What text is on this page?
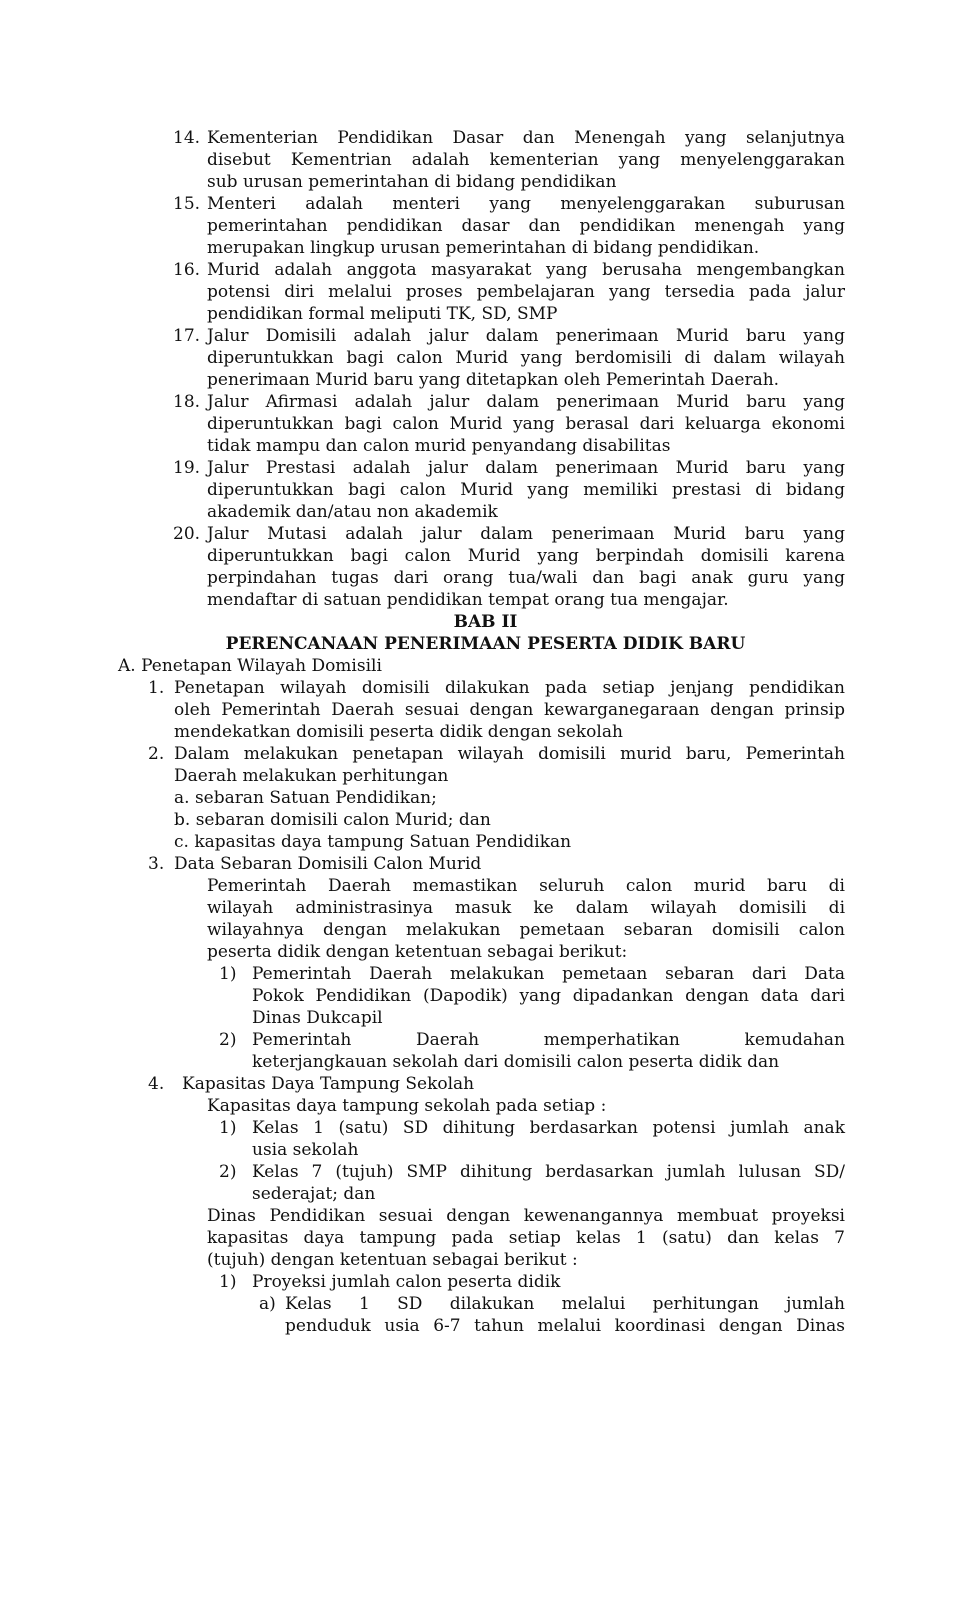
14. Kementerian Pendidikan Dasar dan Menengah yang selanjutnya
disebut Kementrian adalah kementerian yang menyelenggarakan
sub urusan pemerintahan di bidang pendidikan
15. Menteri adalah menteri yang menyelenggarakan suburusan
pemerintahan pendidikan dasar dan pendidikan menengah yang
merupakan lingkup urusan pemerintahan di bidang pendidikan.
16. Murid adalah anggota masyarakat yang berusaha mengembangkan
potensi diri melalui proses pembelajaran yang tersedia pada jalur
pendidikan formal meliputi TK, SD, SMP
17. Jalur Domisili adalah jalur dalam penerimaan Murid baru yang
diperuntukkan bagi calon Murid yang berdomisili di dalam wilayah
penerimaan Murid baru yang ditetapkan oleh Pemerintah Daerah.
18. Jalur Afirmasi adalah jalur dalam penerimaan Murid baru yang
diperuntukkan bagi calon Murid yang berasal dari keluarga ekonomi
tidak mampu dan calon murid penyandang disabilitas
19. Jalur Prestasi adalah jalur dalam penerimaan Murid baru yang
diperuntukkan bagi calon Murid yang memiliki prestasi di bidang
akademik dan/atau non akademik
20. Jalur Mutasi adalah jalur dalam penerimaan Murid baru yang
diperuntukkan bagi calon Murid yang berpindah domisili karena
perpindahan tugas dari orang tua/wali dan bagi anak guru yang
mendaftar di satuan pendidikan tempat orang tua mengajar.
BAB II
PERENCANAAN PENERIMAAN PESERTA DIDIK BARU
A. Penetapan Wilayah Domisili
1. Penetapan wilayah domisili dilakukan pada setiap jenjang pendidikan
oleh Pemerintah Daerah sesuai dengan kewarganegaraan dengan prinsip
mendekatkan domisili peserta didik dengan sekolah
2. Dalam melakukan penetapan wilayah domisili murid baru, Pemerintah
Daerah melakukan perhitungan
a. sebaran Satuan Pendidikan;
b. sebaran domisili calon Murid; dan
c. kapasitas daya tampung Satuan Pendidikan
3. Data Sebaran Domisili Calon Murid
Pemerintah Daerah memastikan seluruh calon murid baru di
wilayah administrasinya masuk ke dalam wilayah domisili di
wilayahnya dengan melakukan pemetaan sebaran domisili calon
peserta didik dengan ketentuan sebagai berikut:
1) Pemerintah Daerah melakukan pemetaan sebaran dari Data
Pokok Pendidikan (Dapodik) yang dipadankan dengan data dari
Dinas Dukcapil
2) Pemerintah Daerah memperhatikan kemudahan
keterjangkauan sekolah dari domisili calon peserta didik dan
4. Kapasitas Daya Tampung Sekolah
Kapasitas daya tampung sekolah pada setiap :
1) Kelas 1 (satu) SD dihitung berdasarkan potensi jumlah anak
usia sekolah
2) Kelas 7 (tujuh) SMP dihitung berdasarkan jumlah lulusan SD/
sederajat; dan
Dinas Pendidikan sesuai dengan kewenangannya membuat proyeksi
kapasitas daya tampung pada setiap kelas 1 (satu) dan kelas 7
(tujuh) dengan ketentuan sebagai berikut :
1) Proyeksi jumlah calon peserta didik
a) Kelas 1 SD dilakukan melalui perhitungan jumlah
penduduk usia 6-7 tahun melalui koordinasi dengan Dinas
